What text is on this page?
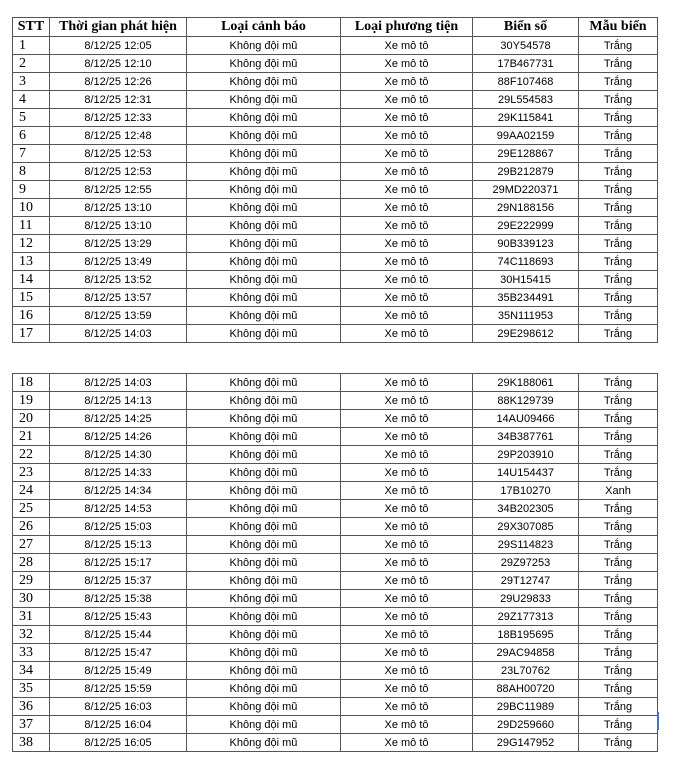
STT	Thời gian phát hiện	Loại cảnh báo	Loại phương tiện	Biển số	Mẫu biển
1	8/12/25 12:05	Không đội mũ	Xe mô tô	30Y54578	Trắng
2	8/12/25 12:10	Không đội mũ	Xe mô tô	17B467731	Trắng
3	8/12/25 12:26	Không đội mũ	Xe mô tô	88F107468	Trắng
4	8/12/25 12:31	Không đội mũ	Xe mô tô	29L554583	Trắng
5	8/12/25 12:33	Không đội mũ	Xe mô tô	29K115841	Trắng
6	8/12/25 12:48	Không đội mũ	Xe mô tô	99AA02159	Trắng
7	8/12/25 12:53	Không đội mũ	Xe mô tô	29E128867	Trắng
8	8/12/25 12:53	Không đội mũ	Xe mô tô	29B212879	Trắng
9	8/12/25 12:55	Không đội mũ	Xe mô tô	29MD220371	Trắng
10	8/12/25 13:10	Không đội mũ	Xe mô tô	29N188156	Trắng
11	8/12/25 13:10	Không đội mũ	Xe mô tô	29E222999	Trắng
12	8/12/25 13:29	Không đội mũ	Xe mô tô	90B339123	Trắng
13	8/12/25 13:49	Không đội mũ	Xe mô tô	74C118693	Trắng
14	8/12/25 13:52	Không đội mũ	Xe mô tô	30H15415	Trắng
15	8/12/25 13:57	Không đội mũ	Xe mô tô	35B234491	Trắng
16	8/12/25 13:59	Không đội mũ	Xe mô tô	35N111953	Trắng
17	8/12/25 14:03	Không đội mũ	Xe mô tô	29E298612	Trắng
18	8/12/25 14:03	Không đội mũ	Xe mô tô	29K188061	Trắng
19	8/12/25 14:13	Không đội mũ	Xe mô tô	88K129739	Trắng
20	8/12/25 14:25	Không đội mũ	Xe mô tô	14AU09466	Trắng
21	8/12/25 14:26	Không đội mũ	Xe mô tô	34B387761	Trắng
22	8/12/25 14:30	Không đội mũ	Xe mô tô	29P203910	Trắng
23	8/12/25 14:33	Không đội mũ	Xe mô tô	14U154437	Trắng
24	8/12/25 14:34	Không đội mũ	Xe mô tô	17B10270	Xanh
25	8/12/25 14:53	Không đội mũ	Xe mô tô	34B202305	Trắng
26	8/12/25 15:03	Không đội mũ	Xe mô tô	29X307085	Trắng
27	8/12/25 15:13	Không đội mũ	Xe mô tô	29S114823	Trắng
28	8/12/25 15:17	Không đội mũ	Xe mô tô	29Z97253	Trắng
29	8/12/25 15:37	Không đội mũ	Xe mô tô	29T12747	Trắng
30	8/12/25 15:38	Không đội mũ	Xe mô tô	29U29833	Trắng
31	8/12/25 15:43	Không đội mũ	Xe mô tô	29Z177313	Trắng
32	8/12/25 15:44	Không đội mũ	Xe mô tô	18B195695	Trắng
33	8/12/25 15:47	Không đội mũ	Xe mô tô	29AC94858	Trắng
34	8/12/25 15:49	Không đội mũ	Xe mô tô	23L70762	Trắng
35	8/12/25 15:59	Không đội mũ	Xe mô tô	88AH00720	Trắng
36	8/12/25 16:03	Không đội mũ	Xe mô tô	29BC11989	Trắng
37	8/12/25 16:04	Không đội mũ	Xe mô tô	29D259660	Trắng
38	8/12/25 16:05	Không đội mũ	Xe mô tô	29G147952	Trắng
